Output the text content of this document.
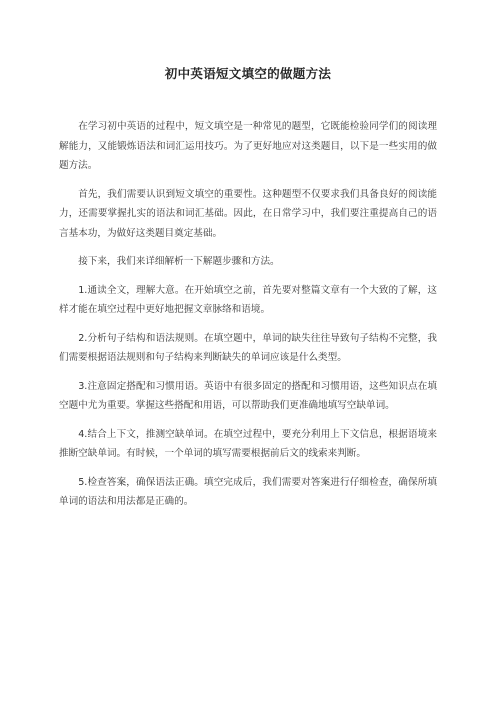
初中英语短文填空的做题方法

在学习初中英语的过程中，短文填空是一种常见的题型，它既能检验同学们的阅读理解能力，又能锻炼语法和词汇运用技巧。为了更好地应对这类题目，以下是一些实用的做题方法。

首先，我们需要认识到短文填空的重要性。这种题型不仅要求我们具备良好的阅读能力，还需要掌握扎实的语法和词汇基础。因此，在日常学习中，我们要注重提高自己的语言基本功，为做好这类题目奠定基础。

接下来，我们来详细解析一下解题步骤和方法。

1.通读全文，理解大意。在开始填空之前，首先要对整篇文章有一个大致的了解，这样才能在填空过程中更好地把握文章脉络和语境。

2.分析句子结构和语法规则。在填空题中，单词的缺失往往导致句子结构不完整，我们需要根据语法规则和句子结构来判断缺失的单词应该是什么类型。

3.注意固定搭配和习惯用语。英语中有很多固定的搭配和习惯用语，这些知识点在填空题中尤为重要。掌握这些搭配和用语，可以帮助我们更准确地填写空缺单词。

4.结合上下文，推测空缺单词。在填空过程中，要充分利用上下文信息，根据语境来推断空缺单词。有时候，一个单词的填写需要根据前后文的线索来判断。

5.检查答案，确保语法正确。填空完成后，我们需要对答案进行仔细检查，确保所填单词的语法和用法都是正确的。
